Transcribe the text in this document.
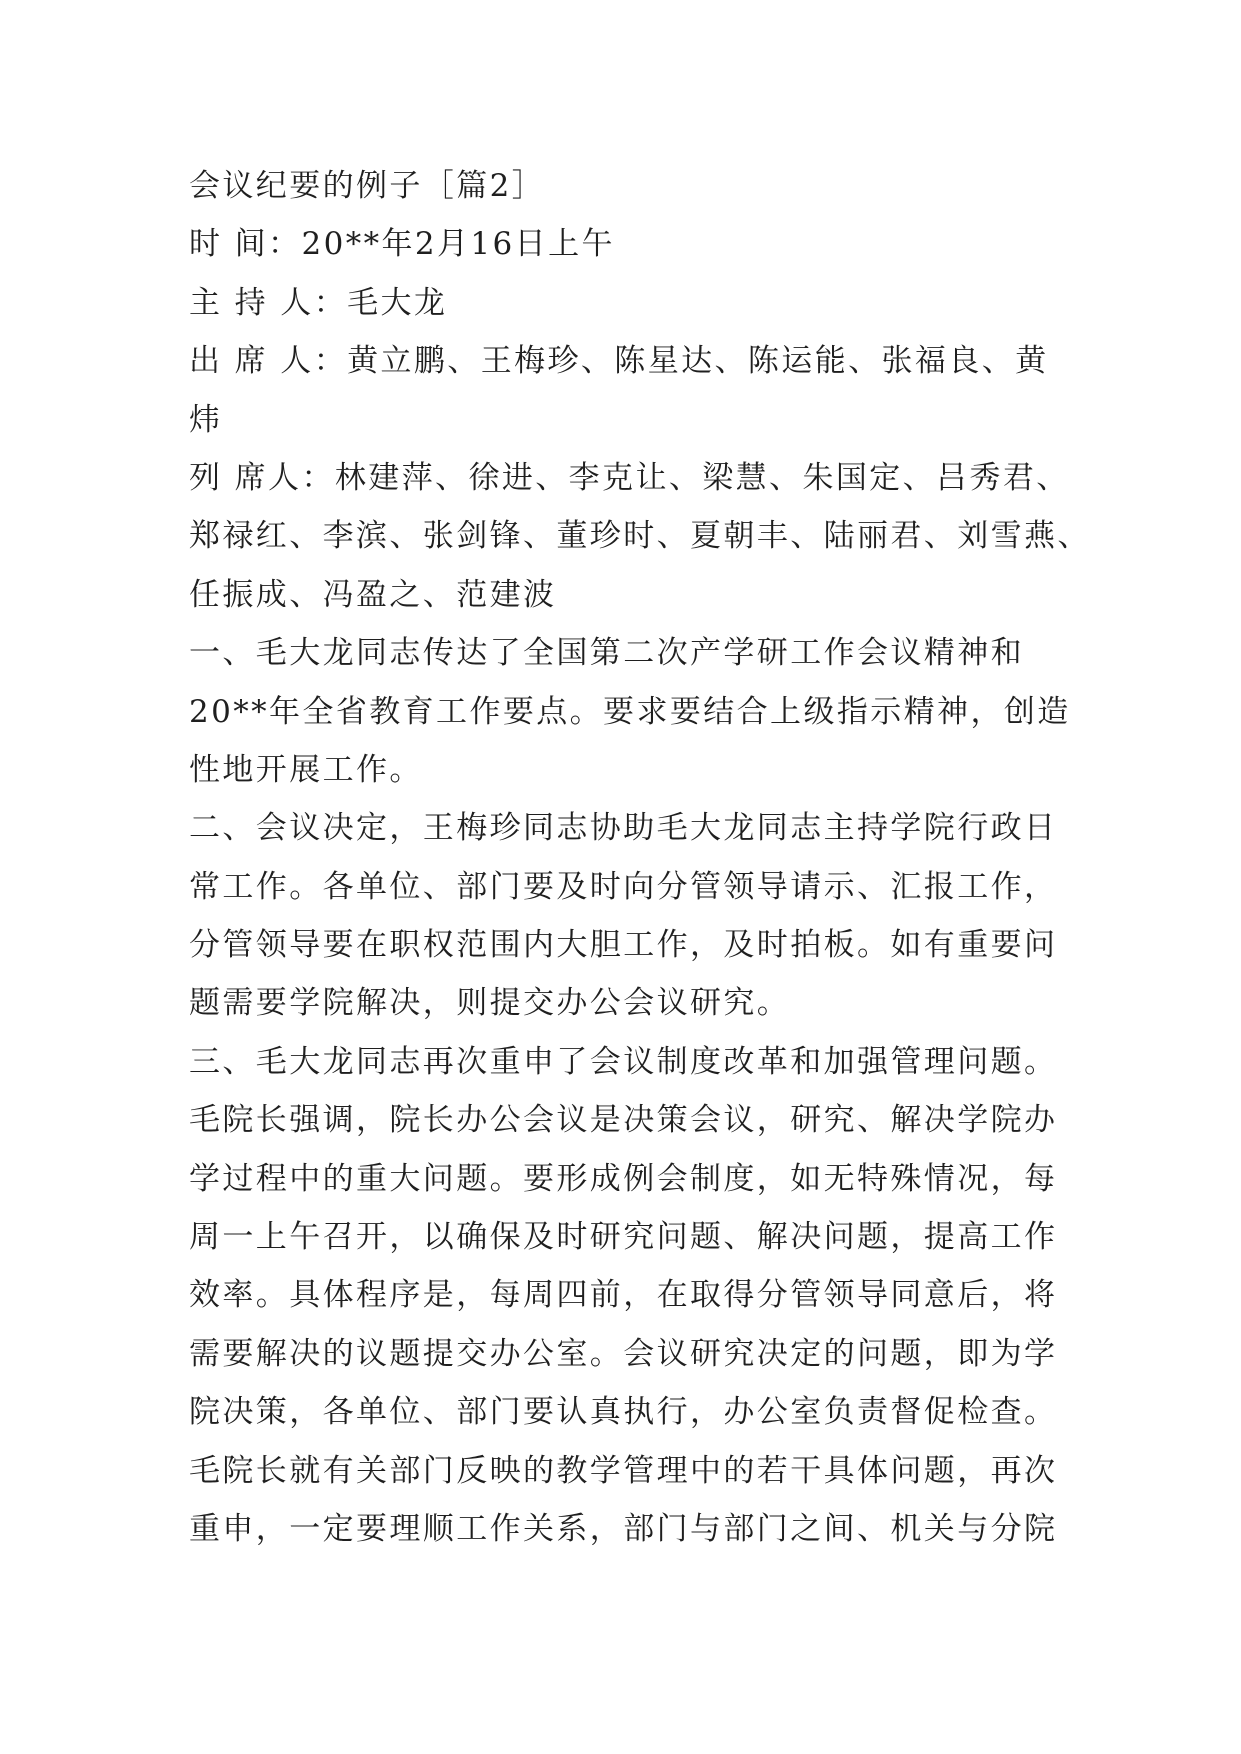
会议纪要的例子［篇2］
时 间：20**年2月16日上午
主 持 人：毛大龙
出 席 人：黄立鹏、王梅珍、陈星达、陈运能、张福良、黄
炜
列 席人：林建萍、徐进、李克让、梁慧、朱国定、吕秀君、
郑禄红、李滨、张剑锋、董珍时、夏朝丰、陆丽君、刘雪燕、
任振成、冯盈之、范建波
一、毛大龙同志传达了全国第二次产学研工作会议精神和
20**年全省教育工作要点。要求要结合上级指示精神，创造
性地开展工作。
二、会议决定，王梅珍同志协助毛大龙同志主持学院行政日
常工作。各单位、部门要及时向分管领导请示、汇报工作，
分管领导要在职权范围内大胆工作，及时拍板。如有重要问
题需要学院解决，则提交办公会议研究。
三、毛大龙同志再次重申了会议制度改革和加强管理问题。
毛院长强调，院长办公会议是决策会议，研究、解决学院办
学过程中的重大问题。要形成例会制度，如无特殊情况，每
周一上午召开，以确保及时研究问题、解决问题，提高工作
效率。具体程序是，每周四前，在取得分管领导同意后，将
需要解决的议题提交办公室。会议研究决定的问题，即为学
院决策，各单位、部门要认真执行，办公室负责督促检查。
毛院长就有关部门反映的教学管理中的若干具体问题，再次
重申，一定要理顺工作关系，部门与部门之间、机关与分院
